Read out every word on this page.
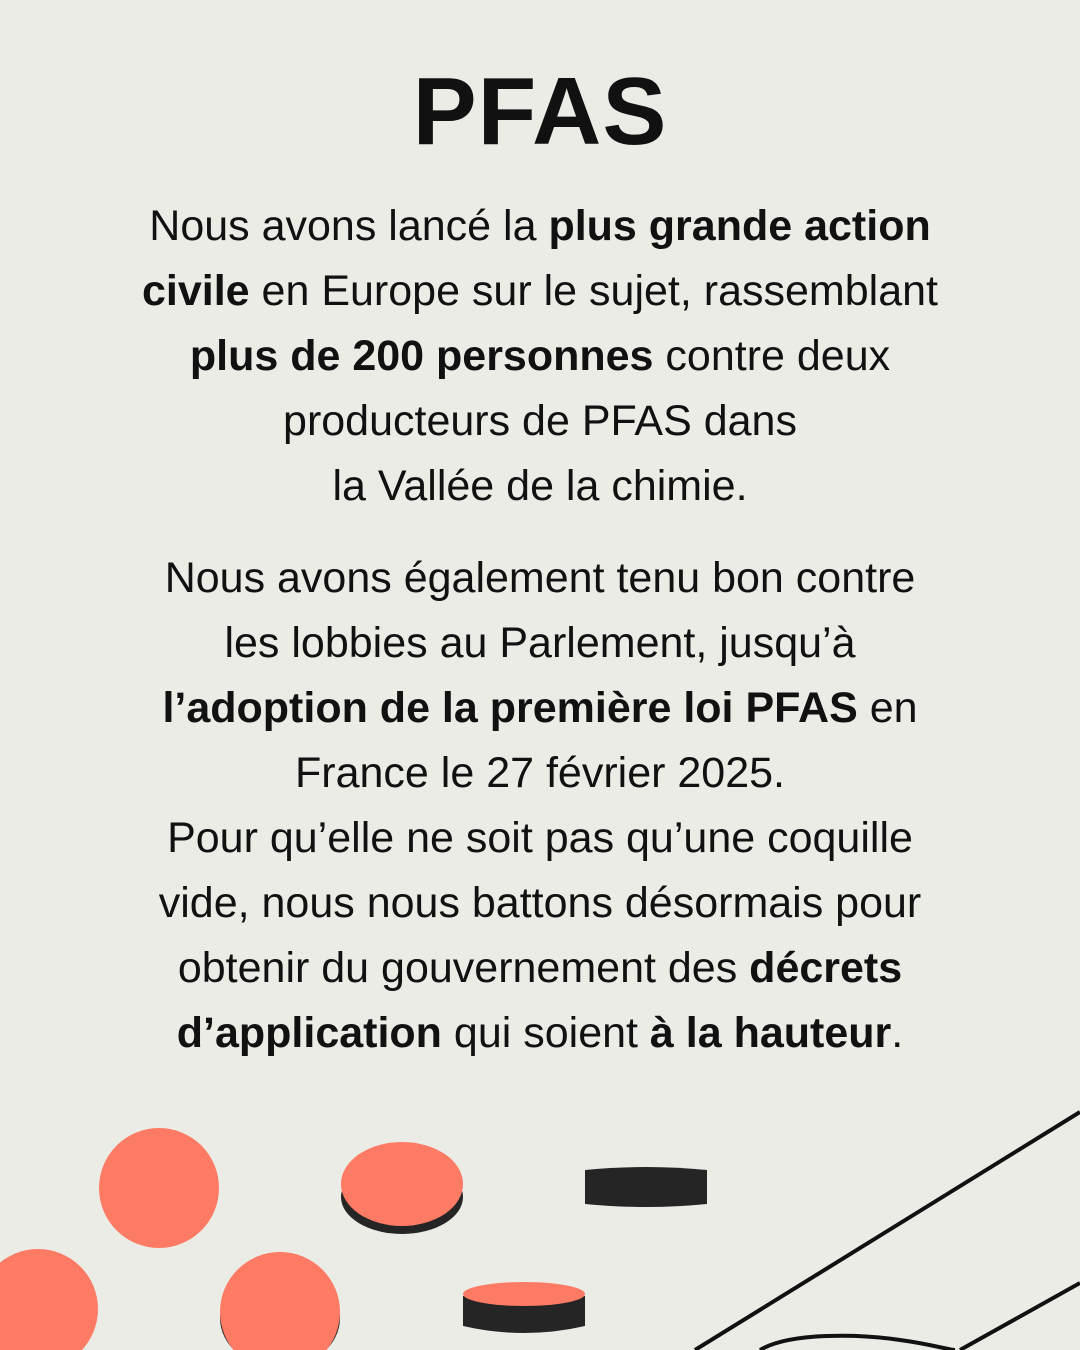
PFAS

Nous avons lancé la plus grande action
civile en Europe sur le sujet, rassemblant
plus de 200 personnes contre deux
producteurs de PFAS dans
la Vallée de la chimie.

Nous avons également tenu bon contre
les lobbies au Parlement, jusqu’à
l’adoption de la première loi PFAS en
France le 27 février 2025.
Pour qu’elle ne soit pas qu’une coquille
vide, nous nous battons désormais pour
obtenir du gouvernement des décrets
d’application qui soient à la hauteur.
